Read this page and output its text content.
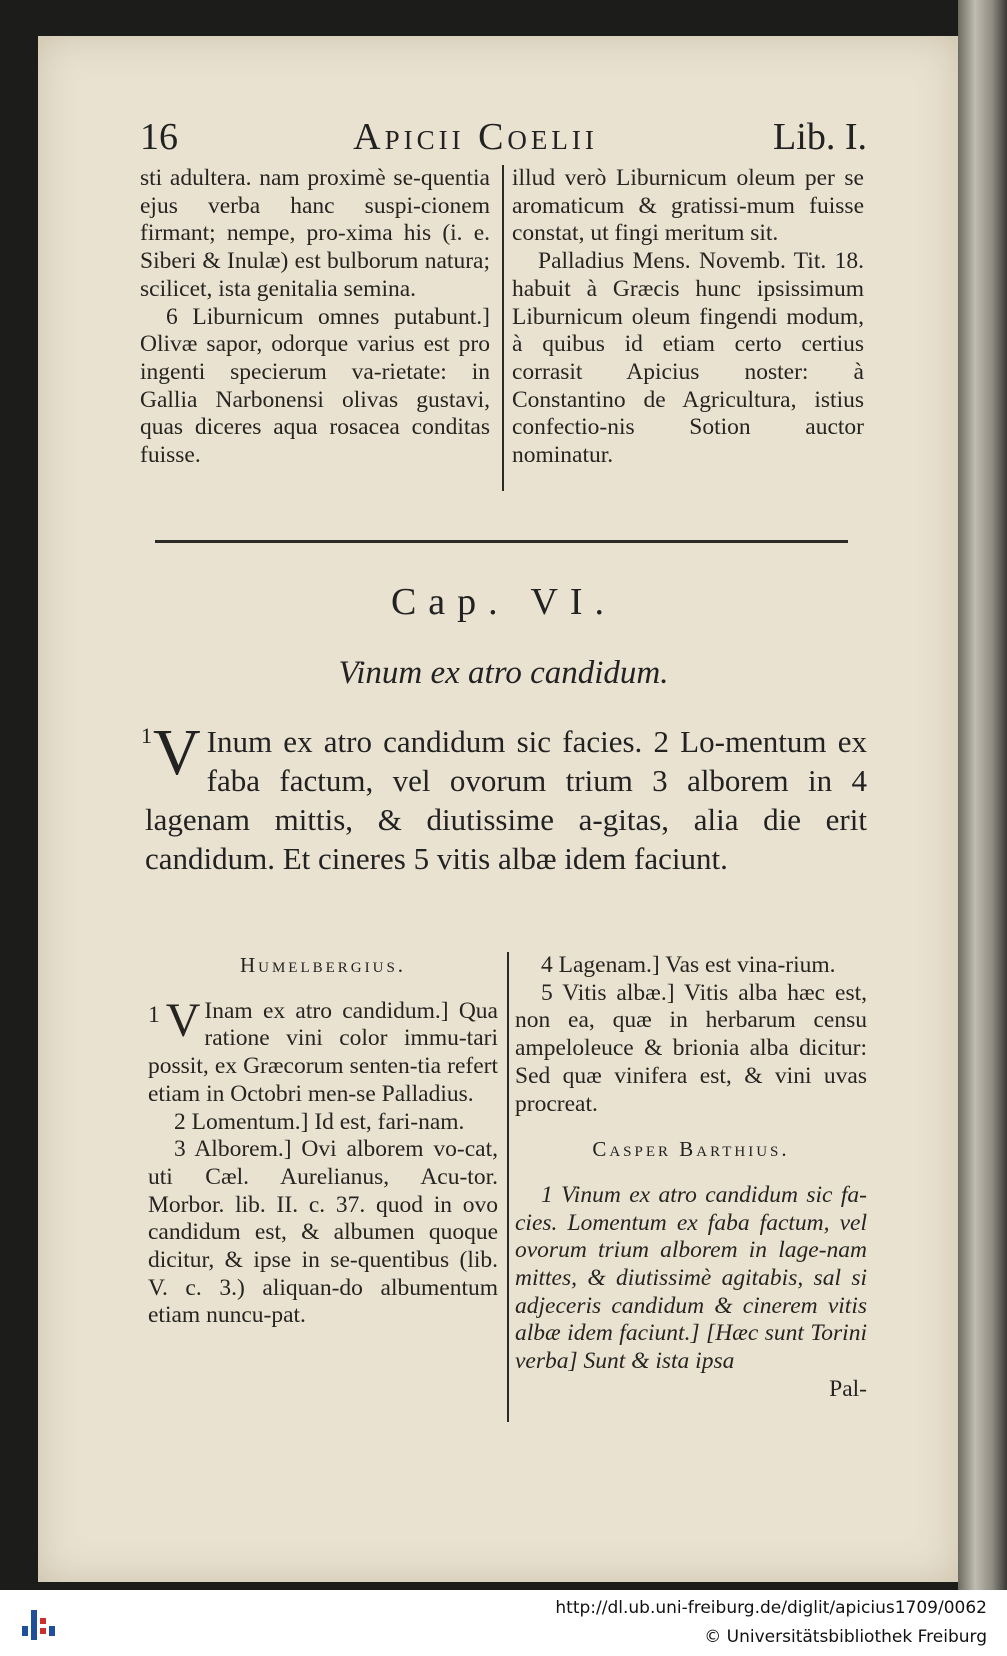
16	Apicii Coelii	Lib. I.

sti adultera. nam proximè se-quentia ejus verba hanc suspi-cionem firmant; nempe, pro-xima his (i. e. Siberi & Inulæ) est bulborum natura; scilicet, ista genitalia semina.

6 Liburnicum omnes putabunt.] Olivæ sapor, odorque varius est pro ingenti specierum va-rietate: in Gallia Narbonensi olivas gustavi, quas diceres aqua rosacea conditas fuisse.

illud verò Liburnicum oleum per se aromaticum & gratissi-mum fuisse constat, ut fingi meritum sit.

Palladius Mens. Novemb. Tit. 18. habuit à Græcis hunc ipsissimum Liburnicum oleum fingendi modum, à quibus id etiam certo certius corrasit Apicius noster: à Constantino de Agricultura, istius confectio-nis Sotion auctor nominatur.

Cap. VI.
Vinum ex atro candidum.
1 V Inum ex atro candidum sic facies. 2 Lo-mentum ex faba factum, vel ovorum trium 3 alborem in 4 lagenam mittis, & diutissime a-gitas, alia die erit candidum. Et cineres 5 vitis albæ idem faciunt.
Humelbergius.

1 V Inam ex atro candidum.] Qua ratione vini color immu-tari possit, ex Græcorum senten-tia refert etiam in Octobri men-se Palladius.

2 Lomentum.] Id est, fari-nam.

3 Alborem.] Ovi alborem vo-cat, uti Cæl. Aurelianus, Acu-tor. Morbor. lib. II. c. 37. quod in ovo candidum est, & albumen quoque dicitur, & ipse in se-quentibus (lib. V. c. 3.) aliquan-do albumentum etiam nuncu-pat.

4 Lagenam.] Vas est vina-rium.

5 Vitis albæ.] Vitis alba hæc est, non ea, quæ in herbarum censu ampeloleuce & brionia alba dicitur: Sed quæ vinifera est, & vini uvas procreat.

Casper Barthius.

1 Vinum ex atro candidum sic fa-cies. Lomentum ex faba factum, vel ovorum trium alborem in lage-nam mittes, & diutissimè agitabis, sal si adjeceris candidum & cinerem vitis albæ idem faciunt.] [Hæc sunt Torini verba] Sunt & ista ipsa

Pal-

http://dl.ub.uni-freiburg.de/diglit/apicius1709/0062
© Universitätsbibliothek Freiburg
